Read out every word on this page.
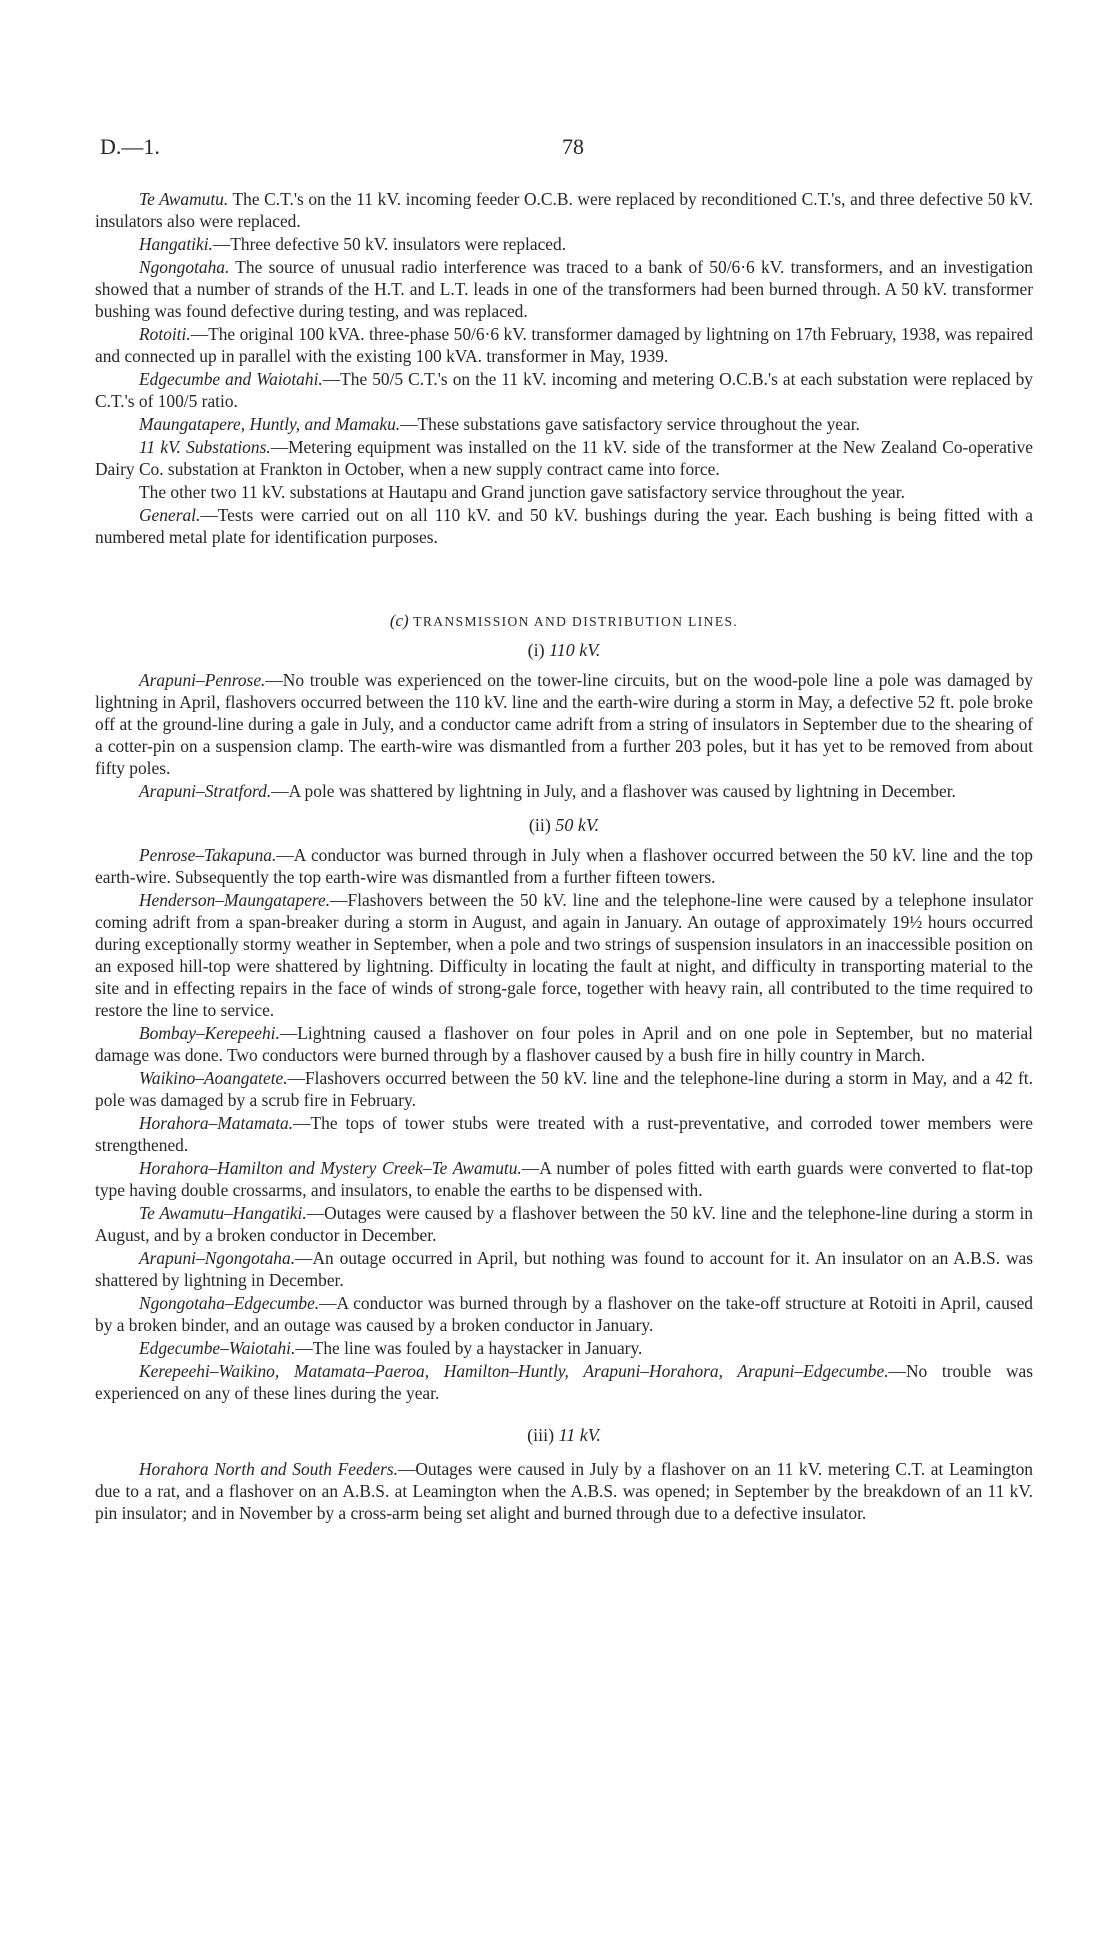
D.—1.	78

Te Awamutu. The C.T.'s on the 11 kV. incoming feeder O.C.B. were replaced by reconditioned C.T.'s, and three defective 50 kV. insulators also were replaced.

Hangatiki.—Three defective 50 kV. insulators were replaced.

Ngongotaha. The source of unusual radio interference was traced to a bank of 50/6·6 kV. transformers, and an investigation showed that a number of strands of the H.T. and L.T. leads in one of the transformers had been burned through. A 50 kV. transformer bushing was found defective during testing, and was replaced.

Rotoiti.—The original 100 kVA. three-phase 50/6·6 kV. transformer damaged by lightning on 17th February, 1938, was repaired and connected up in parallel with the existing 100 kVA. transformer in May, 1939.

Edgecumbe and Waiotahi.—The 50/5 C.T.'s on the 11 kV. incoming and metering O.C.B.'s at each substation were replaced by C.T.'s of 100/5 ratio.

Maungatapere, Huntly, and Mamaku.—These substations gave satisfactory service throughout the year.

11 kV. Substations.—Metering equipment was installed on the 11 kV. side of the transformer at the New Zealand Co-operative Dairy Co. substation at Frankton in October, when a new supply contract came into force.

The other two 11 kV. substations at Hautapu and Grand junction gave satisfactory service throughout the year.

General.—Tests were carried out on all 110 kV. and 50 kV. bushings during the year. Each bushing is being fitted with a numbered metal plate for identification purposes.

(c) TRANSMISSION AND DISTRIBUTION LINES.
(i) 110 kV.

Arapuni–Penrose.—No trouble was experienced on the tower-line circuits, but on the wood-pole line a pole was damaged by lightning in April, flashovers occurred between the 110 kV. line and the earth-wire during a storm in May, a defective 52 ft. pole broke off at the ground-line during a gale in July, and a conductor came adrift from a string of insulators in September due to the shearing of a cotter-pin on a suspension clamp. The earth-wire was dismantled from a further 203 poles, but it has yet to be removed from about fifty poles.

Arapuni–Stratford.—A pole was shattered by lightning in July, and a flashover was caused by lightning in December.

(ii) 50 kV.

Penrose–Takapuna.—A conductor was burned through in July when a flashover occurred between the 50 kV. line and the top earth-wire. Subsequently the top earth-wire was dismantled from a further fifteen towers.

Henderson–Maungatapere.—Flashovers between the 50 kV. line and the telephone-line were caused by a telephone insulator coming adrift from a span-breaker during a storm in August, and again in January. An outage of approximately 19½ hours occurred during exceptionally stormy weather in September, when a pole and two strings of suspension insulators in an inaccessible position on an exposed hill-top were shattered by lightning. Difficulty in locating the fault at night, and difficulty in transporting material to the site and in effecting repairs in the face of winds of strong-gale force, together with heavy rain, all contributed to the time required to restore the line to service.

Bombay–Kerepeehi.—Lightning caused a flashover on four poles in April and on one pole in September, but no material damage was done. Two conductors were burned through by a flashover caused by a bush fire in hilly country in March.

Waikino–Aoangatete.—Flashovers occurred between the 50 kV. line and the telephone-line during a storm in May, and a 42 ft. pole was damaged by a scrub fire in February.

Horahora–Matamata.—The tops of tower stubs were treated with a rust-preventative, and corroded tower members were strengthened.

Horahora–Hamilton and Mystery Creek–Te Awamutu.—A number of poles fitted with earth guards were converted to flat-top type having double crossarms, and insulators, to enable the earths to be dispensed with.

Te Awamutu–Hangatiki.—Outages were caused by a flashover between the 50 kV. line and the telephone-line during a storm in August, and by a broken conductor in December.

Arapuni–Ngongotaha.—An outage occurred in April, but nothing was found to account for it. An insulator on an A.B.S. was shattered by lightning in December.

Ngongotaha–Edgecumbe.—A conductor was burned through by a flashover on the take-off structure at Rotoiti in April, caused by a broken binder, and an outage was caused by a broken conductor in January.

Edgecumbe–Waiotahi.—The line was fouled by a haystacker in January.

Kerepeehi–Waikino, Matamata–Paeroa, Hamilton–Huntly, Arapuni–Horahora, Arapuni–Edgecumbe.—No trouble was experienced on any of these lines during the year.

(iii) 11 kV.

Horahora North and South Feeders.—Outages were caused in July by a flashover on an 11 kV. metering C.T. at Leamington due to a rat, and a flashover on an A.B.S. at Leamington when the A.B.S. was opened; in September by the breakdown of an 11 kV. pin insulator; and in November by a cross-arm being set alight and burned through due to a defective insulator.
